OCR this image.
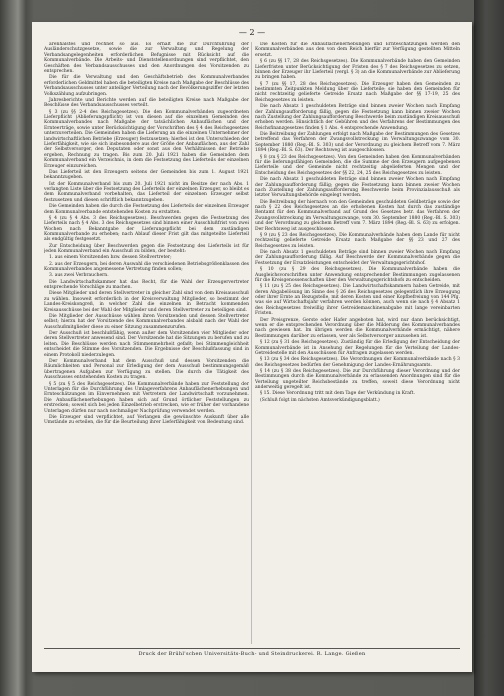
— 2 —

arenhalstes und rechnet so aus. Es erhält die zur Durchführung der Ausländerschutzgesetze, sowie die zur Verwaltung und Regelung der Verbandsangelegenheiten erforderlichen Befugnisse mit Rücksicht auf die Kommunalverbände. Die Arbeits- und Dienststellenordnungen sind verpflichtet, den Geschäften des Verbandsausschusses und den Anordnungen des Vorsitzenden zu entsprechen.

Die für die Verwaltung und den Geschäftsbetrieb des Kommunalverbandes erforderlichen Geldmittel haben die beteiligten Kreise nach Maßgabe der Beschlüsse des Verbandsausschusses unter anteiliger Verteilung nach der Bevölkerungsziffer der letzten Volkszählung aufzubringen.

Jahresberichte und Berichte werden auf die beteiligten Kreise nach Maßgabe der Beschlüsse des Verbandsausschusses verteilt.

§ 3 (zu §§ 2-4 des Reichsgesetzes). Die den Kommunalverbänden zugeordneten Lieferpflicht (Ablieferungspflicht) ist von diesen auf die einzelnen Gemeinden des Kommunalverbandes nach Maßgabe der tatsächlichen Anbauflächen und der Ernteerträge, sowie unter Berücksichtigung der Vorschriften des § 4 des Reichsgesetzes unterzuverteilen. Die Gemeinden haben die Lieferung an die einzelnen Unternehmer der landwirtschaftlichen Betriebe (Erzeuger) festzusetzen; hierbei ist den Unterschieden der Lieferfähigkeit, wie sie sich insbesondere aus der Größe der Anbauflächen, aus der Zahl der Selbstversorger, den Deputaten oder sonst aus den Verhältnissen der Betriebe ergeben, Rechnung zu tragen. Bis zum 20. Juli 1921 haben die Gemeinden dem Kommunalverband ein Verzeichnis, in dem die Festsetzung des Lieferteils der einzelnen Erzeuger einzureichen.

Das Lieferteil ist den Erzeugern seitens der Gemeinden bis zum 1. August 1921 bekanntzugeben.

Ist der Kommunalverband bis zum 20. Juli 1921 nicht im Besitze der nach Abs. 1 verlangten Liste über die Festsetzung des Lieferteils der einzelnen Erzeuger, so bleibt es dem Kommunalverband vorbehalten, das Lieferteil der einzelnen Erzeuger selbst festzusetzen und diesen schriftlich bekanntzugeben.

Die Gemeinden haben die durch die Festsetzung des Lieferteils der einzelnen Erzeuger dem Kommunalverbande entstehenden Kosten zu erstatten.

§ 4 (zu § 4 Abs. 3 des Reichsgesetzes). Beschwerden gegen die Festsetzung des Lieferteils nach § 4 Abs. 3 des Reichsgesetzes sind binnen einer Ausschlußfrist von zwei Wochen nach Bekanntgabe der Lieferungspflicht bei dem zuständigen Kommunalverbande zu erheben; nach Ablauf dieser Frist gilt das mitgeteilte Lieferteil als endgültig festgesetzt.

Zur Entscheidung über Beschwerden gegen die Festsetzung des Lieferteils ist für jeden Kommunalverband ein Ausschuß zu bilden, der besteht:

1. aus einem Vorsitzenden bzw. dessen Stellvertreter;

2. aus der Erzeugern, bei deren Auswahl die verschiedenen Betriebsgrößenklassen des Kommunalverbandes angemessene Vertretung finden sollen;

3. aus zwei Verbrauchern.

Die Landwirtschaftskammer hat das Recht, für die Wahl der Erzeugervertreter entsprechende Vorschläge zu machen.

Diese Mitglieder und deren Stellvertreter in gleicher Zahl sind von dem Kreisausschuß zu wählen. Insoweit erforderlich in der Kreisverwaltung Mitglieder, so bestimmt der Landes-Kreiskongreß, in welcher Zahl die einzelnen in Betracht kommenden Kreisausschüsse bei der Wahl der Mitglieder und deren Stellvertreter zu beteiligen sind.

Die Mitglieder der Ausschüsse wählen ihren Vorsitzenden und dessen Stellvertreter selbst; hierzu hat der Vorsitzende des Kommunalverbandes alsbald nach der Wahl der Ausschußmitglieder diese zu einer Sitzung zusammenzurufen.

Der Ausschuß ist beschlußfähig, wenn außer dem Vorsitzenden vier Mitglieder oder deren Stellvertreter anwesend sind. Der Vorsitzende hat die Sitzungen zu berufen und zu leiten. Die Beschlüsse werden nach Stimmenmehrheit gefaßt; bei Stimmengleichheit entscheidet die Stimme des Vorsitzenden. Die Ergebnisse der Beschlußfassung sind in einem Protokoll niederzulegen.

Der Kommunalverband hat dem Ausschuß und dessen Vorsitzenden die Räumlichkeiten und Personal zur Erledigung der dem Ausschuß bestimmungsgemäß übertragenen Aufgaben zur Verfügung zu stellen. Die durch die Tätigkeit des Ausschusses entstehenden Kosten zu tragen.

§ 5 (zu § 5 des Reichsgesetzes). Die Kommunalverbände haben zur Feststellung der Unterlagen für die Durchführung des Umlageverfahrens Anbauflächenerhebungen und Ernteschätzungen im Einvernehmen mit Vertretern der Landwirtschaft vorzunehmen. Die Anbauflächenerhebungen haben sich auf Grund örtlicher Feststellungen zu erstrecken; soweit sich bei jeden Einzelbetrieb erstrecken, wie er früher der vorhandene Unterlagen dürfen nur nach nochmaliger Nachprüfung verwendet werden.

Die Erzeuger sind verpflichtet, auf Verlangen die gewünschte Auskunft über alle Umstände zu erteilen, die für die Beurteilung ihrer Lieferfähigkeit von Bedeutung sind.

Die Kosten für die Anbauflächenerhebungen und Ernteschätzungen werden den Kommunalverbänden aus den von dem Reich hierfür zur Verfügung gestellten Mitteln ersetzt.

§ 6 (zu §§ 17, 28 des Reichsgesetzes). Die Kommunalverbände haben den Gemeinden Lieferfristen unter Berücksichtigung der Fristen des § 7 des Reichsgesetzes zu setzen, binnen der Erzeuger ihr Lieferteil (vergl. § 3) an die Kommunalverbände zur Ablieferung zu bringen haben.

§ 7 (zu §§ 17, 28 des Reichsgesetzes). Die Erzeuger haben den Gemeinden zu bestimmten Zeitpunkten Meldung über die Lieferteile; sie haben den Gemeinden für nicht rechtzeitig gelieferte Getreide Ersatz nach Maßgabe der §§ 17-19, 25 des Reichsgesetzes zu leisten.

Die nach Absatz 1 geschuldeten Beträge sind binnen zweier Wochen nach Empfang der Zahlungsaufforderung fällig, gegen die Festsetzung kann binnen zweier Wochen nach Zustellung der Zahlungsaufforderung Beschwerde beim zuständigen Kreisausschuß erhoben werden. Hinsichtlich der Gebühren und des Verfahrens der Bestimmungen des Reichsfinanzgesetzes finden § 1 Abs. 4 entsprechende Anwendung.

Die Beitreibung der Zahlungen erfolgt nach Maßgabe der Bestimmungen des Gesetzes betreffend das Verfahren der Zwangsvollstreckung im Verwaltungszwange vom 30. September 1880 (Reg.-Bl. S. 303) und der Verordnung zu gleichem Betreff vom 7. März 1894 (Reg.-Bl. S. 63). Der Rechtsweg ist ausgeschlossen.

§ 8 (zu § 23 des Reichsgesetzes). Von den Gemeinden haben den Kommunalverbänden für die lieferungsfähigen Gemeinden, die die Summe der den Erzeugern aufgegebenen Lieferteile und der Gemeinde nicht rechtzeitig abgelieferten Mengen und der Entscheidung des Reichsgesetzes der §§ 22, 24, 25 des Reichsgesetzes zu leisten.

Die nach Absatz 1 geschuldeten Beträge sind binnen zweier Wochen nach Empfang der Zahlungsaufforderung fällig; gegen die Festsetzung kann binnen zweier Wochen nach Zustellung der Zahlungsaufforderung Beschwerde beim Provinzialausschuß als letzter Verwaltungsbehörde eingelegt werden.

Die Beitreibung der hiernach von den Gemeinden geschuldeten Geldbeträge sowie der nach § 22 des Reichsgesetzes an die erhobenen Kosten hat durch das zuständige Rentamt für den Kommunalverband auf Grund des Gesetzes betr. das Verfahren der Zwangsvollstreckung im Verwaltungszwange, vom 30. September 1880 (Reg.-Bl. S. 303) und der Verordnung zu gleichem Betreff vom 7. März 1894 (Reg.-Bl. S. 63) zu erfolgen. Der Rechtsweg ist ausgeschlossen.

§ 9 (zu § 23 des Reichsgesetzes). Die Kommunalverbände haben dem Lande für nicht rechtzeitig gelieferte Getreide Ersatz nach Maßgabe der §§ 23 und 27 des Reichsgesetzes zu leisten.

Die nach Absatz 1 geschuldeten Beträge sind binnen zweier Wochen nach Empfang der Zahlungsaufforderung fällig. Auf Beschwerde der Kommunalverbände gegen die Festsetzung der Ersatzleistungen entscheidet der Verwaltungsgerichtshof.

§ 10 (zu § 29 des Reichsgesetzes). Die Kommunalverbände haben die Ausgleichsvorschriften unter Anwendung entsprechender Bestimmungen zugelassenen für die Kreisgenossenschaften über den Verwaltungsgerichtshofs zu entscheiden.

§ 11 (zu § 25 des Reichsgesetzes). Die Landwirtschaftskammern haben Getreide, mit deren Abgabelösung im Sinne des § 26 des Reichsgesetzes gelegentlich ihre Erzeugung oder ihrer Ernte an Bezugstelle, mit deren Kosten und einer Kopfbefreiung von 144 Pfg. was sie auf Wirtschaftsjahr verfahren werden können, auch wenn sie nach § 4 Absatz 1 des Reichsgesetzes freiwillig ihrer Getreidemaschinenabgabe mit lange vereinbarten Fristen.

Der Preisgrenze, Gerste oder Hafer angeboten hat, wird nur dann berücksichtigt, wenn er die entsprechenden Verordnung über die Milderung des Kommunalverbandes nach gewiesen hat. Im übrigen werden die Kommunalverbände ermächtigt, nähere Bestimmungen darüber zu erlassen, wer als Selbstversorger anzusehen ist.

§ 12 (zu § 31 des Reichsgesetzes). Zuständig für die Erledigung der Entscheidung der Kommunalverbände ist in Ansehung der Regelungen für die Verteilung der Landes-Getreidestelle mit den Ausschüssen für Anfragen zugelassen werden.

§ 13 (zu § 34 des Reichsgesetzes). Die Verordnungen der Kommunalverbände nach § 3 des Reichsgesetzes bedürfen der Genehmigung der Landes-Ernährungsamts.

§ 14 (zu § 38 des Reichsgesetzes). Die zur Durchführung dieser Verordnung und der Bestimmungen durch die Kommunalverbände zu erlassenden Anordnungen sind für die Verteilung ungeteilter Reichsbestände zu treffen, soweit diese Verordnung nicht anderweitig geregelt ist.

§ 15. Diese Verordnung tritt mit dem Tage der Verkündung in Kraft.

(Schluß folgt im nächsten Amtsverkündigungsblatt.)

Druck der Brühl'schen Universitäts-Buch- und Steindruckerei. R. Lange. Gießen
